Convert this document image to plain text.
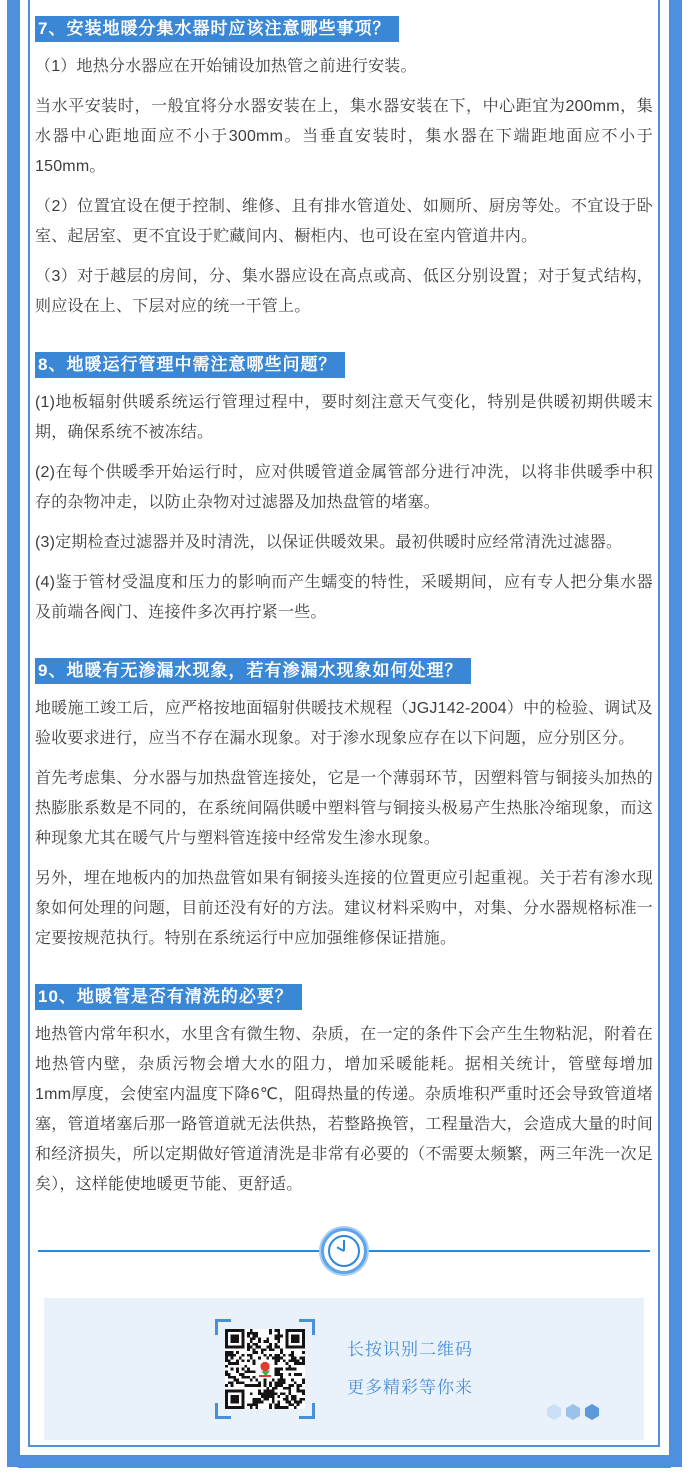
7、安装地暖分集水器时应该注意哪些事项？

（1）地热分水器应在开始铺设加热管之前进行安装。

当水平安装时，一般宜将分水器安装在上，集水器安装在下，中心距宜为200mm，集水器中心距地面应不小于300mm。当垂直安装时，集水器在下端距地面应不小于150mm。

（2）位置宜设在便于控制、维修、且有排水管道处、如厕所、厨房等处。不宜设于卧室、起居室、更不宜设于贮藏间内、橱柜内、也可设在室内管道井内。

（3）对于越层的房间，分、集水器应设在高点或高、低区分别设置；对于复式结构，则应设在上、下层对应的统一干管上。

8、地暖运行管理中需注意哪些问题？

(1)地板辐射供暖系统运行管理过程中，要时刻注意天气变化，特别是供暖初期供暖末期，确保系统不被冻结。

(2)在每个供暖季开始运行时，应对供暖管道金属管部分进行冲洗，以将非供暖季中积存的杂物冲走，以防止杂物对过滤器及加热盘管的堵塞。

(3)定期检查过滤器并及时清洗，以保证供暖效果。最初供暖时应经常清洗过滤器。

(4)鉴于管材受温度和压力的影响而产生蠕变的特性，采暖期间，应有专人把分集水器及前端各阀门、连接件多次再拧紧一些。

9、地暖有无渗漏水现象，若有渗漏水现象如何处理？

地暖施工竣工后，应严格按地面辐射供暖技术规程（JGJ142-2004）中的检验、调试及验收要求进行，应当不存在漏水现象。对于渗水现象应存在以下问题，应分别区分。

首先考虑集、分水器与加热盘管连接处，它是一个薄弱环节，因塑料管与铜接头加热的热膨胀系数是不同的，在系统间隔供暖中塑料管与铜接头极易产生热胀冷缩现象，而这种现象尤其在暖气片与塑料管连接中经常发生渗水现象。

另外，埋在地板内的加热盘管如果有铜接头连接的位置更应引起重视。关于若有渗水现象如何处理的问题，目前还没有好的方法。建议材料采购中，对集、分水器规格标准一定要按规范执行。特别在系统运行中应加强维修保证措施。

10、地暖管是否有清洗的必要？

地热管内常年积水，水里含有微生物、杂质，在一定的条件下会产生生物粘泥，附着在地热管内壁，杂质污物会增大水的阻力，增加采暖能耗。据相关统计，管壁每增加1mm厚度，会使室内温度下降6℃，阻碍热量的传递。杂质堆积严重时还会导致管道堵塞，管道堵塞后那一路管道就无法供热，若整路换管，工程量浩大，会造成大量的时间和经济损失，所以定期做好管道清洗是非常有必要的（不需要太频繁，两三年洗一次足矣），这样能使地暖更节能、更舒适。

长按识别二维码
更多精彩等你来
